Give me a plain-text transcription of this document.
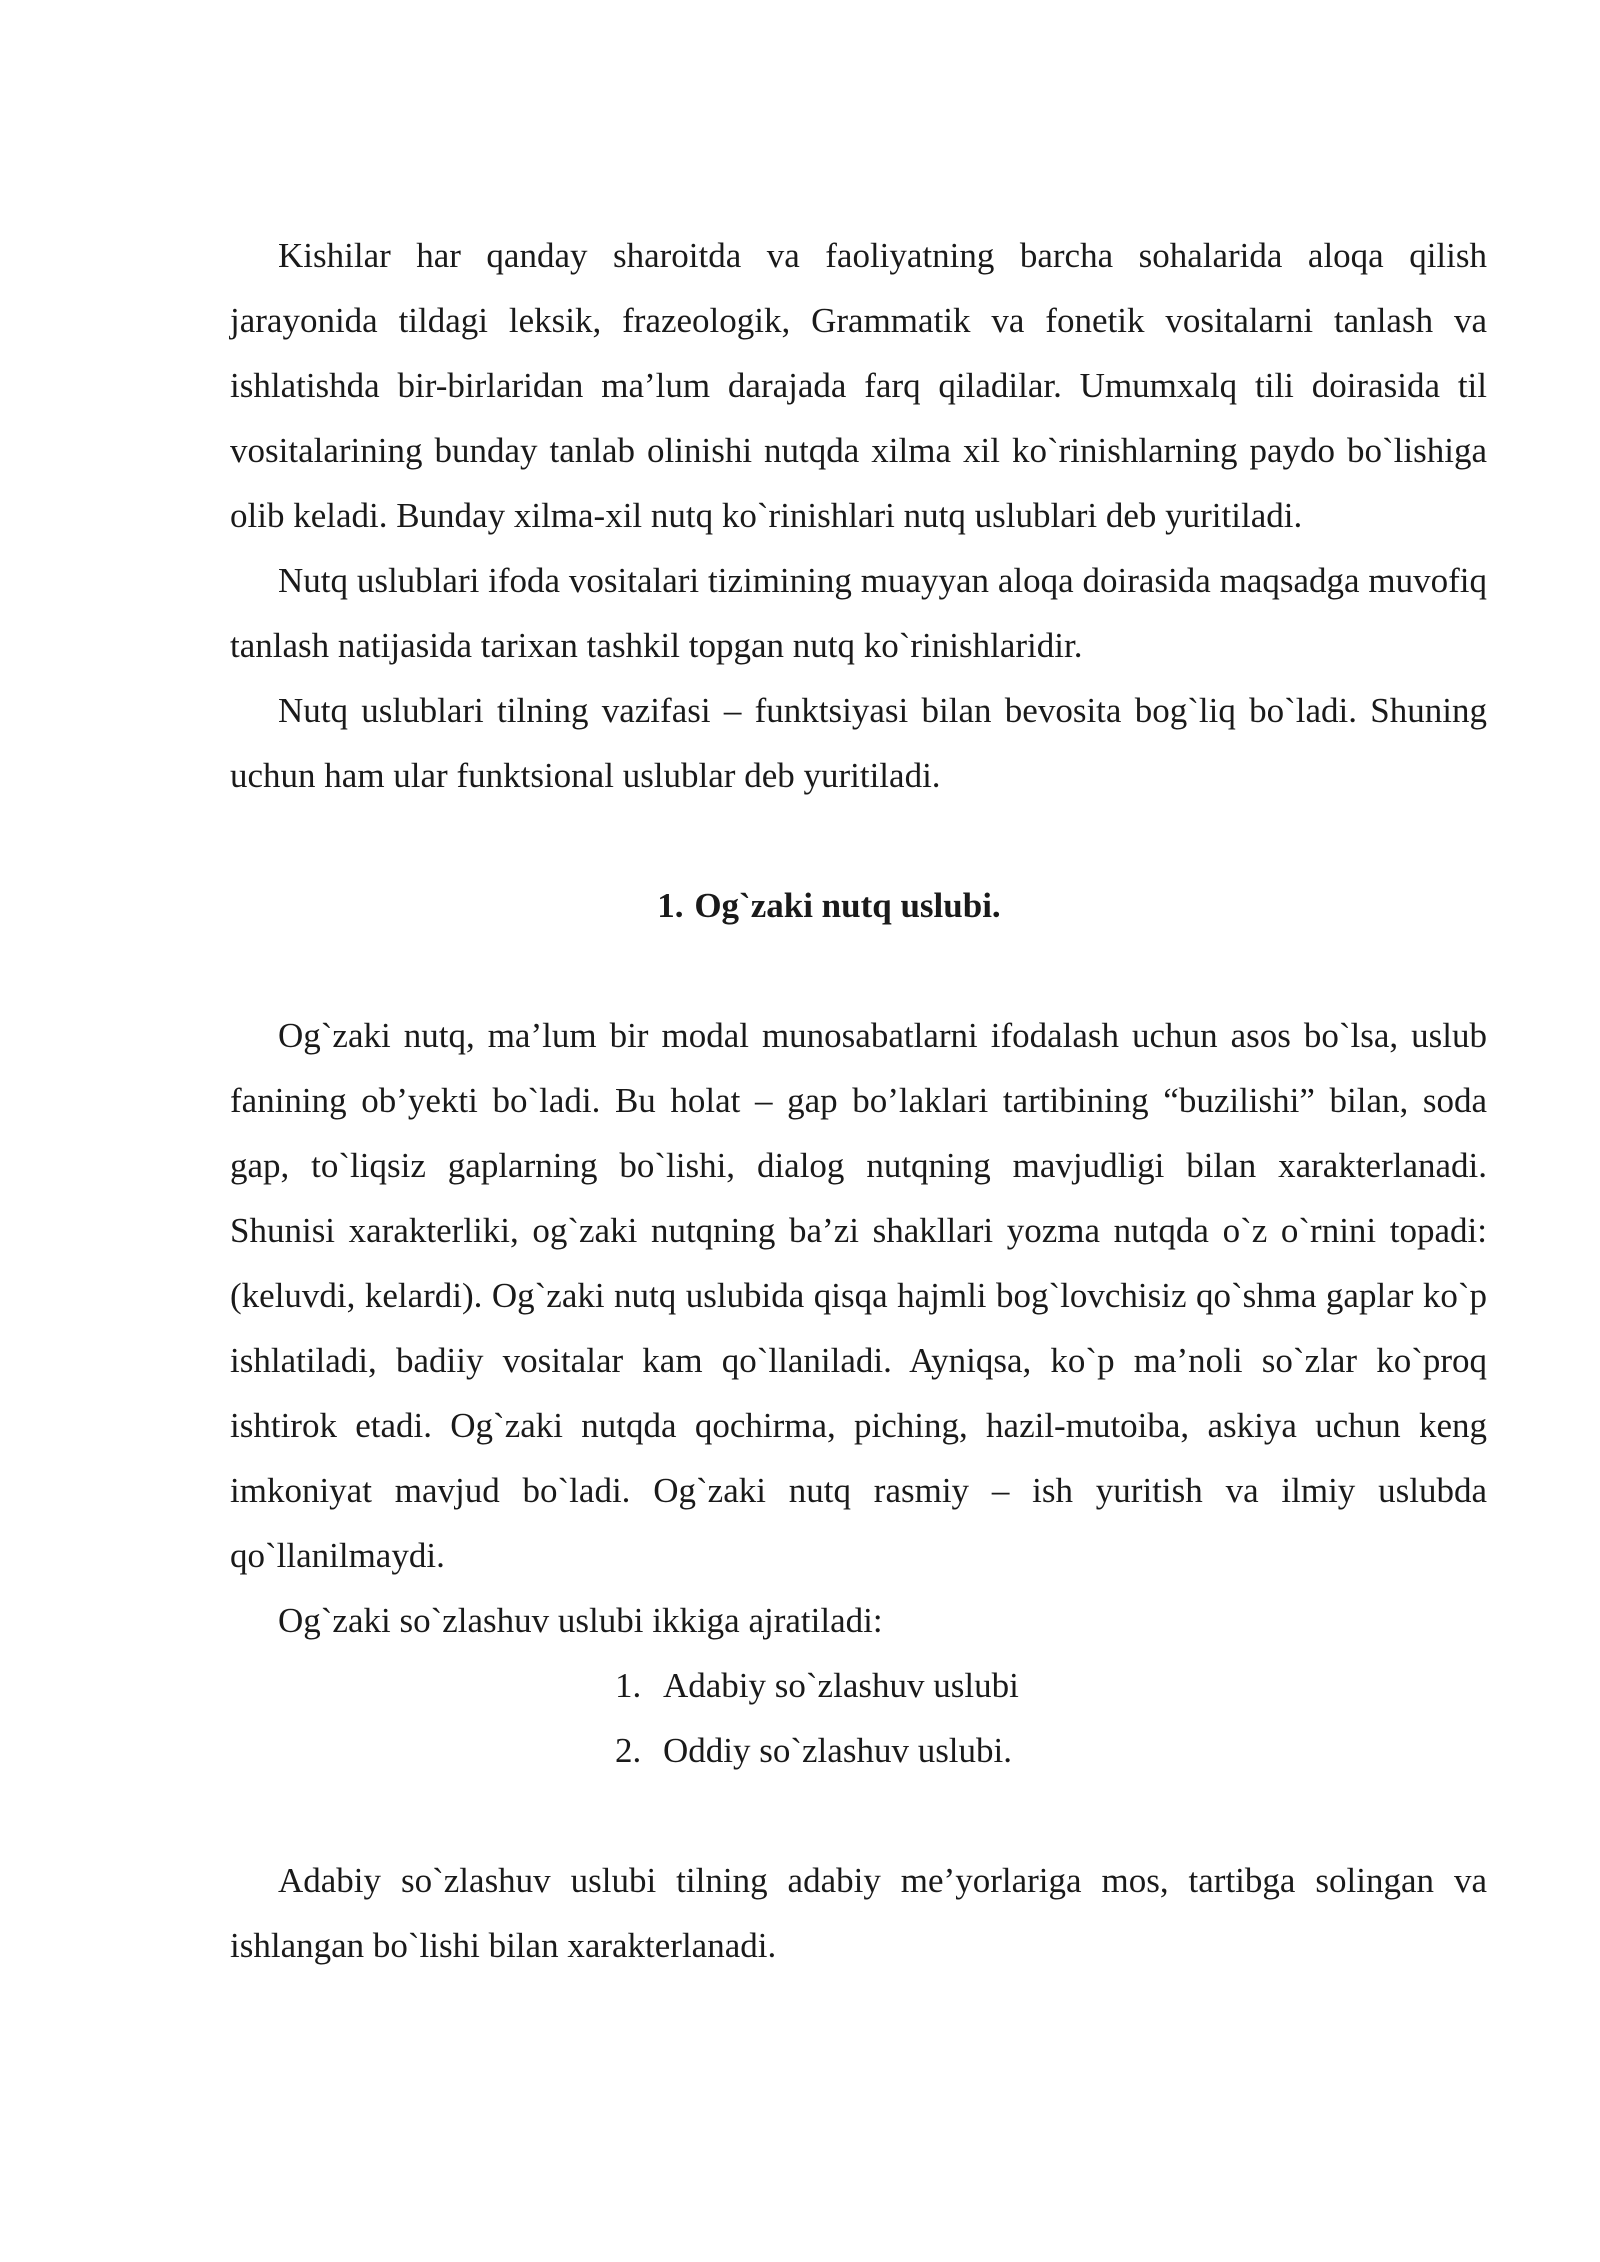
Kishilar har qanday sharoitda va faoliyatning barcha sohalarida aloqa qilish jarayonida tildagi leksik, frazeologik, Grammatik va fonetik vositalarni tanlash va ishlatishda bir-birlaridan ma’lum darajada farq qiladilar. Umumxalq tili doirasida til vositalarining bunday tanlab olinishi nutqda xilma xil ko`rinishlarning paydo bo`lishiga olib keladi. Bunday xilma-xil nutq ko`rinishlari nutq uslublari deb yuritiladi.

Nutq uslublari ifoda vositalari tizimining muayyan aloqa doirasida maqsadga muvofiq tanlash natijasida tarixan tashkil topgan nutq ko`rinishlaridir.

Nutq uslublari tilning vazifasi – funktsiyasi bilan bevosita bog`liq bo`ladi. Shuning uchun ham ular funktsional uslublar deb yuritiladi.

1. Og`zaki nutq uslubi.

Og`zaki nutq, ma’lum bir modal munosabatlarni ifodalash uchun asos bo`lsa, uslub fanining ob’yekti bo`ladi. Bu holat – gap bo’laklari tartibining “buzilishi” bilan, soda gap, to`liqsiz gaplarning bo`lishi, dialog nutqning mavjudligi bilan xarakterlanadi. Shunisi xarakterliki, og`zaki nutqning ba’zi shakllari yozma nutqda o`z o`rnini topadi: (keluvdi, kelardi). Og`zaki nutq uslubida qisqa hajmli bog`lovchisiz qo`shma gaplar ko`p ishlatiladi, badiiy vositalar kam qo`llaniladi. Ayniqsa, ko`p ma’noli so`zlar ko`proq ishtirok etadi. Og`zaki nutqda qochirma, piching, hazil-mutoiba, askiya uchun keng imkoniyat mavjud bo`ladi. Og`zaki nutq rasmiy – ish yuritish va ilmiy uslubda qo`llanilmaydi.

Og`zaki so`zlashuv uslubi ikkiga ajratiladi:

1. Adabiy so`zlashuv uslubi
2. Oddiy so`zlashuv uslubi.

Adabiy so`zlashuv uslubi tilning adabiy me’yorlariga mos, tartibga solingan va ishlangan bo`lishi bilan xarakterlanadi.
